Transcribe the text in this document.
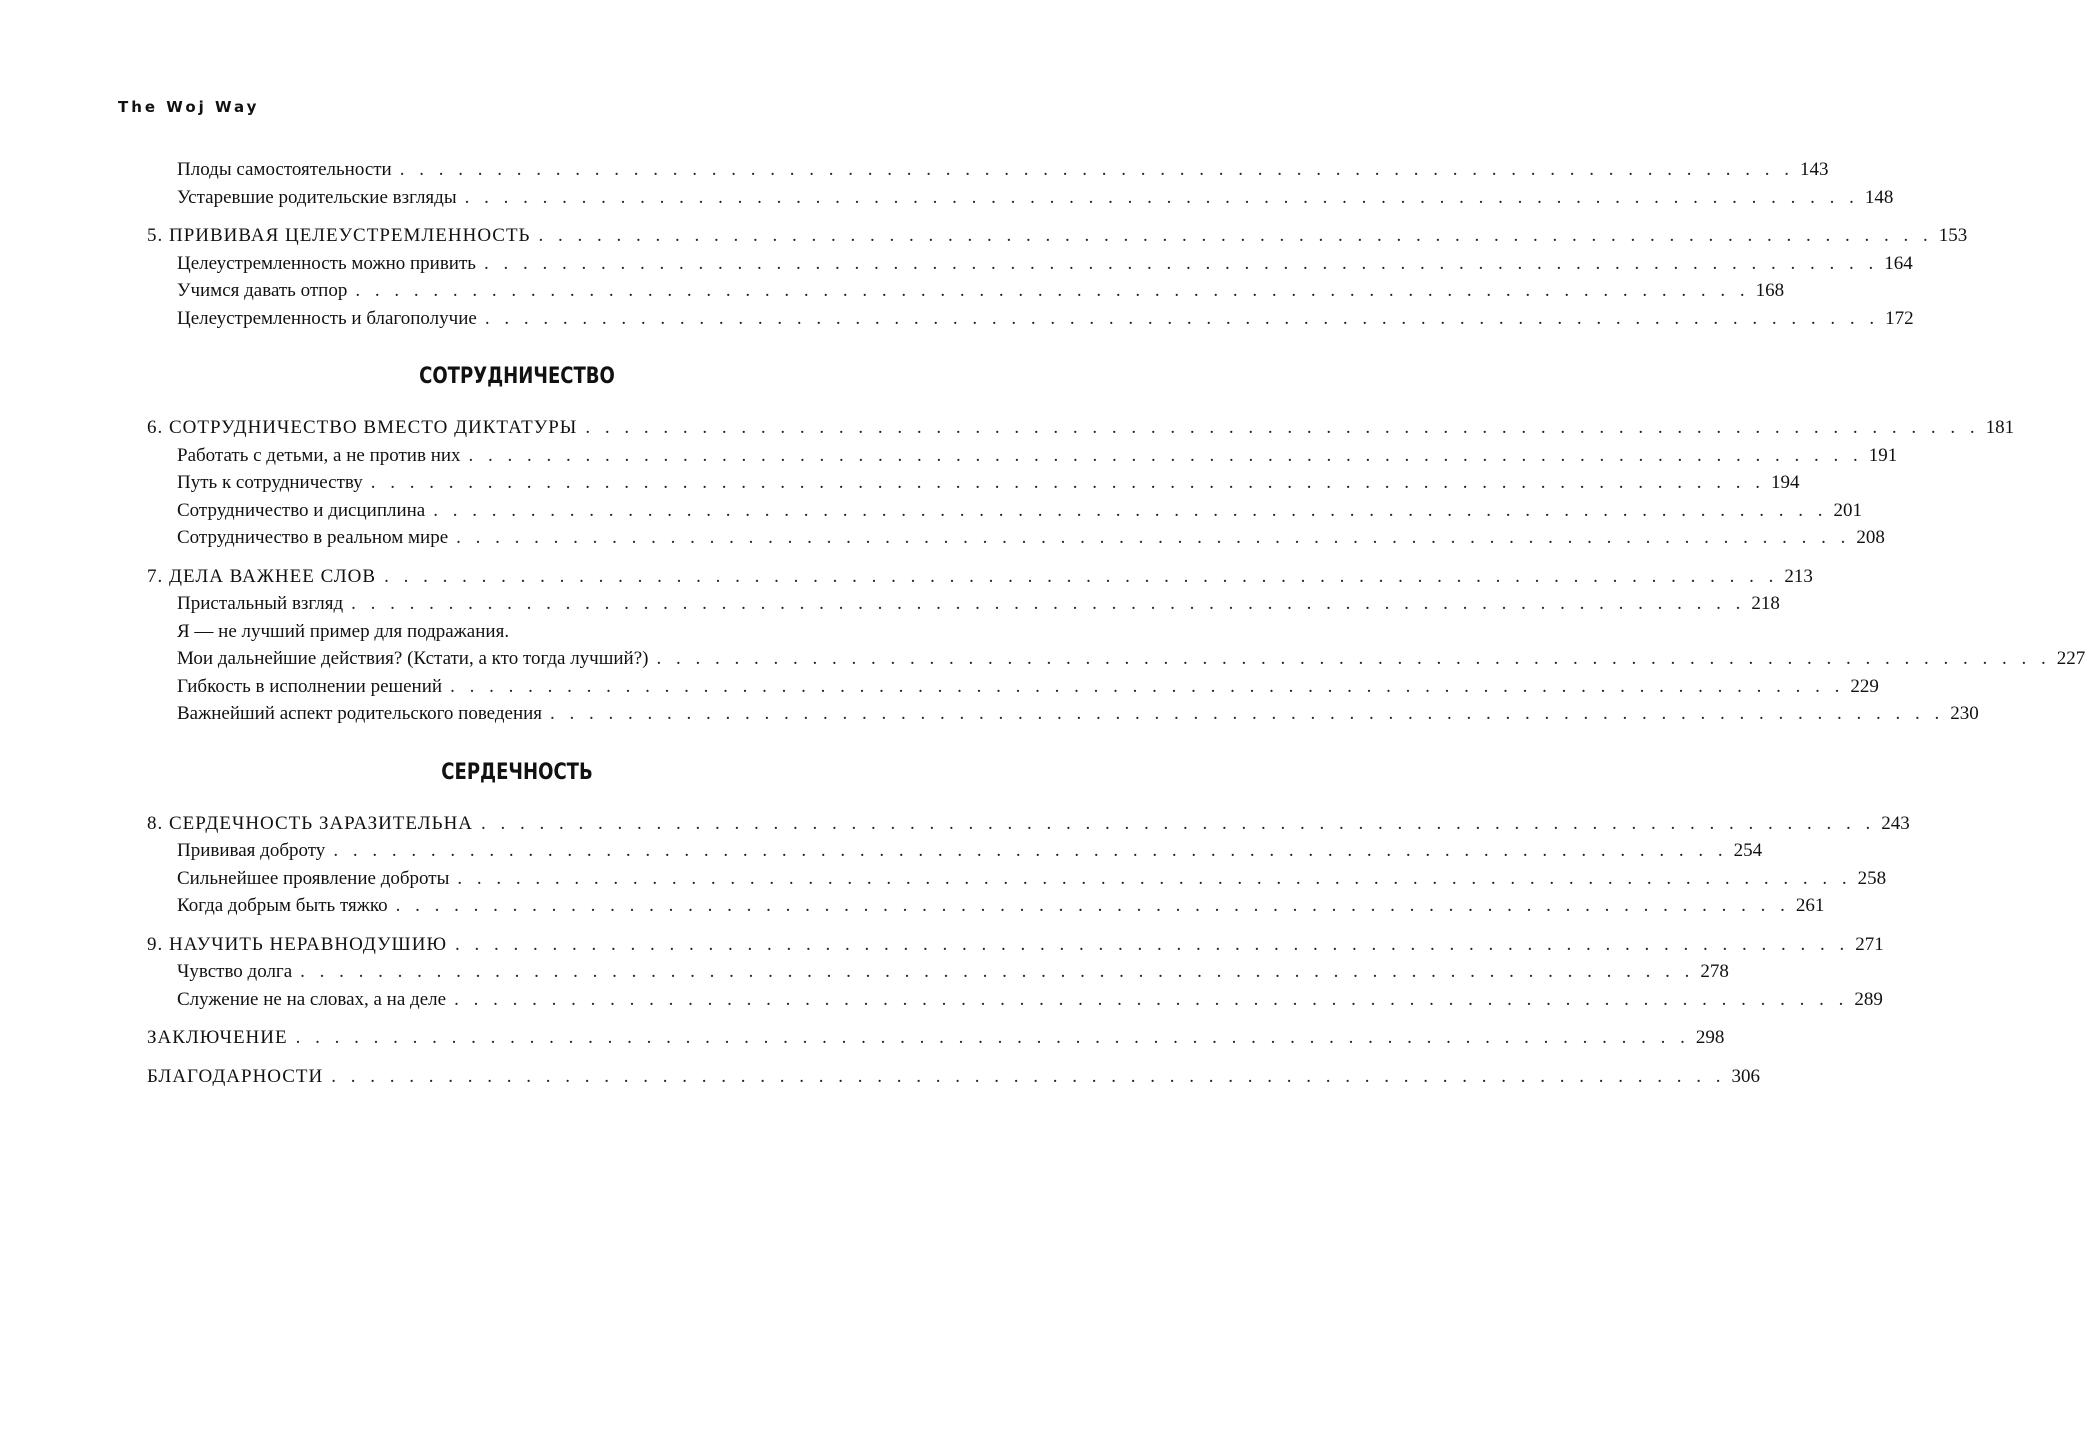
The Woj Way
Плоды самостоятельности . . . . . . . . . . . . . . . . . . . . . . . . . . . . . . . . . . . . . . . . . . . . . . . . . . . . . . . . . . . . . . . . . . . . . . . . 143
Устаревшие родительские взгляды . . . . . . . . . . . . . . . . . . . . . . . . . . . . . . . . . . . . . . . . . . . . . . . . . . . . . . . . . . . . . . . . . . . . . . . . 148
5. ПРИВИВАЯ ЦЕЛЕУСТРЕМЛЕННОСТЬ . . . . . . . . . . . . . . . . . . . . . . . . . . . . . . . . . . . . . . . . . . . . . . . . . . . . . . . . . . . . . . . . . . . . . . . . 153
Целеустремленность можно привить . . . . . . . . . . . . . . . . . . . . . . . . . . . . . . . . . . . . . . . . . . . . . . . . . . . . . . . . . . . . . . . . . . . . . . . . 164
Учимся давать отпор . . . . . . . . . . . . . . . . . . . . . . . . . . . . . . . . . . . . . . . . . . . . . . . . . . . . . . . . . . . . . . . . . . . . . . . . 168
Целеустремленность и благополучие . . . . . . . . . . . . . . . . . . . . . . . . . . . . . . . . . . . . . . . . . . . . . . . . . . . . . . . . . . . . . . . . . . . . . . . . 172
СОТРУДНИЧЕСТВО
6. СОТРУДНИЧЕСТВО ВМЕСТО ДИКТАТУРЫ . . . . . . . . . . . . . . . . . . . . . . . . . . . . . . . . . . . . . . . . . . . . . . . . . . . . . . . . . . . . . . . . . . . . . . . . 181
Работать с детьми, а не против них . . . . . . . . . . . . . . . . . . . . . . . . . . . . . . . . . . . . . . . . . . . . . . . . . . . . . . . . . . . . . . . . . . . . . . . . 191
Путь к сотрудничеству . . . . . . . . . . . . . . . . . . . . . . . . . . . . . . . . . . . . . . . . . . . . . . . . . . . . . . . . . . . . . . . . . . . . . . . . 194
Сотрудничество и дисциплина . . . . . . . . . . . . . . . . . . . . . . . . . . . . . . . . . . . . . . . . . . . . . . . . . . . . . . . . . . . . . . . . . . . . . . . . 201
Сотрудничество в реальном мире . . . . . . . . . . . . . . . . . . . . . . . . . . . . . . . . . . . . . . . . . . . . . . . . . . . . . . . . . . . . . . . . . . . . . . . . 208
7. ДЕЛА ВАЖНЕЕ СЛОВ . . . . . . . . . . . . . . . . . . . . . . . . . . . . . . . . . . . . . . . . . . . . . . . . . . . . . . . . . . . . . . . . . . . . . . . . 213
Пристальный взгляд . . . . . . . . . . . . . . . . . . . . . . . . . . . . . . . . . . . . . . . . . . . . . . . . . . . . . . . . . . . . . . . . . . . . . . . . 218
Я — не лучший пример для подражания.
Мои дальнейшие действия? (Кстати, а кто тогда лучший?) . . . . . . . . . . . . . . . . . . . . . . . . . . . . . . . . . . . . . . . . . . . . . . . . . . . . . . . . . . . . . . . . . . . . . . . . 227
Гибкость в исполнении решений . . . . . . . . . . . . . . . . . . . . . . . . . . . . . . . . . . . . . . . . . . . . . . . . . . . . . . . . . . . . . . . . . . . . . . . . 229
Важнейший аспект родительского поведения . . . . . . . . . . . . . . . . . . . . . . . . . . . . . . . . . . . . . . . . . . . . . . . . . . . . . . . . . . . . . . . . . . . . . . . . 230
СЕРДЕЧНОСТЬ
8. СЕРДЕЧНОСТЬ ЗАРАЗИТЕЛЬНА . . . . . . . . . . . . . . . . . . . . . . . . . . . . . . . . . . . . . . . . . . . . . . . . . . . . . . . . . . . . . . . . . . . . . . . . 243
Прививая доброту . . . . . . . . . . . . . . . . . . . . . . . . . . . . . . . . . . . . . . . . . . . . . . . . . . . . . . . . . . . . . . . . . . . . . . . . 254
Сильнейшее проявление доброты . . . . . . . . . . . . . . . . . . . . . . . . . . . . . . . . . . . . . . . . . . . . . . . . . . . . . . . . . . . . . . . . . . . . . . . . 258
Когда добрым быть тяжко . . . . . . . . . . . . . . . . . . . . . . . . . . . . . . . . . . . . . . . . . . . . . . . . . . . . . . . . . . . . . . . . . . . . . . . . 261
9. НАУЧИТЬ НЕРАВНОДУШИЮ . . . . . . . . . . . . . . . . . . . . . . . . . . . . . . . . . . . . . . . . . . . . . . . . . . . . . . . . . . . . . . . . . . . . . . . . 271
Чувство долга . . . . . . . . . . . . . . . . . . . . . . . . . . . . . . . . . . . . . . . . . . . . . . . . . . . . . . . . . . . . . . . . . . . . . . . . 278
Служение не на словах, а на деле . . . . . . . . . . . . . . . . . . . . . . . . . . . . . . . . . . . . . . . . . . . . . . . . . . . . . . . . . . . . . . . . . . . . . . . . 289
ЗАКЛЮЧЕНИЕ . . . . . . . . . . . . . . . . . . . . . . . . . . . . . . . . . . . . . . . . . . . . . . . . . . . . . . . . . . . . . . . . . . . . . . . . 298
БЛАГОДАРНОСТИ . . . . . . . . . . . . . . . . . . . . . . . . . . . . . . . . . . . . . . . . . . . . . . . . . . . . . . . . . . . . . . . . . . . . . . . . 306
